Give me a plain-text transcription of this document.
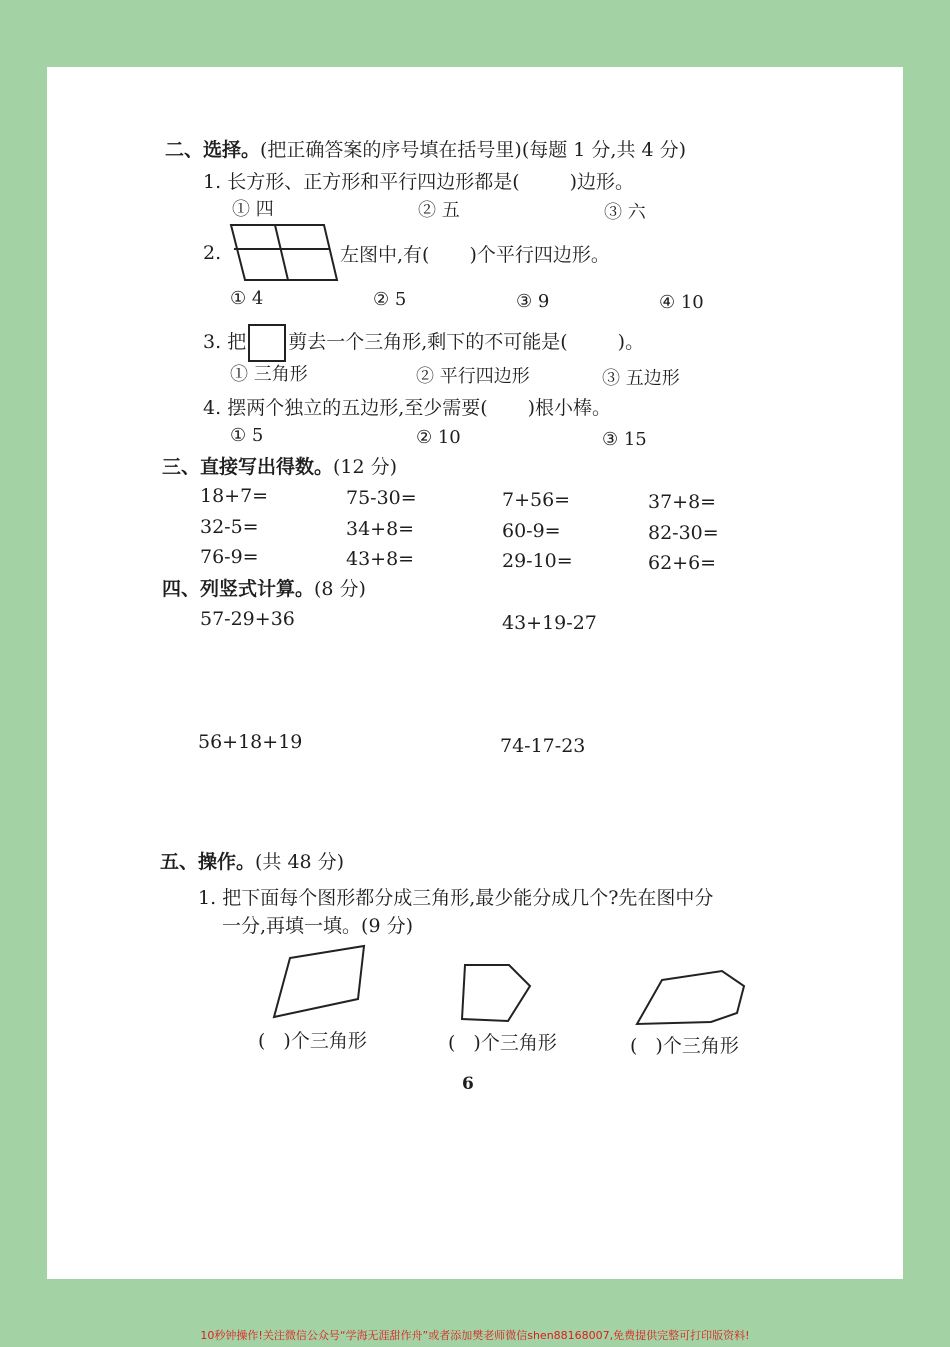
二、选择。(把正确答案的序号填在括号里)(每题 1 分,共 4 分)
1. 长方形、正方形和平行四边形都是(	)边形。
① 四	② 五	③ 六
2.	左图中,有( )个平行四边形。
① 4	② 5	③ 9	④ 10
3. 把 剪去一个三角形,剩下的不可能是(	)。
① 三角形	② 平行四边形	③ 五边形
4. 摆两个独立的五边形,至少需要( )根小棒。
① 5	② 10	③ 15
三、直接写出得数。(12 分)
18+7=	75-30=	7+56=	37+8=
32-5=	34+8=	60-9=	82-30=
76-9=	43+8=	29-10=	62+6=
四、列竖式计算。(8 分)
57-29+36	43+19-27
56+18+19	74-17-23
五、操作。(共 48 分)
1. 把下面每个图形都分成三角形,最少能分成几个?先在图中分
一分,再填一填。(9 分)
( )个三角形	( )个三角形	( )个三角形
6
10秒钟操作!关注微信公众号“学海无涯甜作舟”或者添加樊老师微信shen88168007,免费提供完整可打印版资料!
